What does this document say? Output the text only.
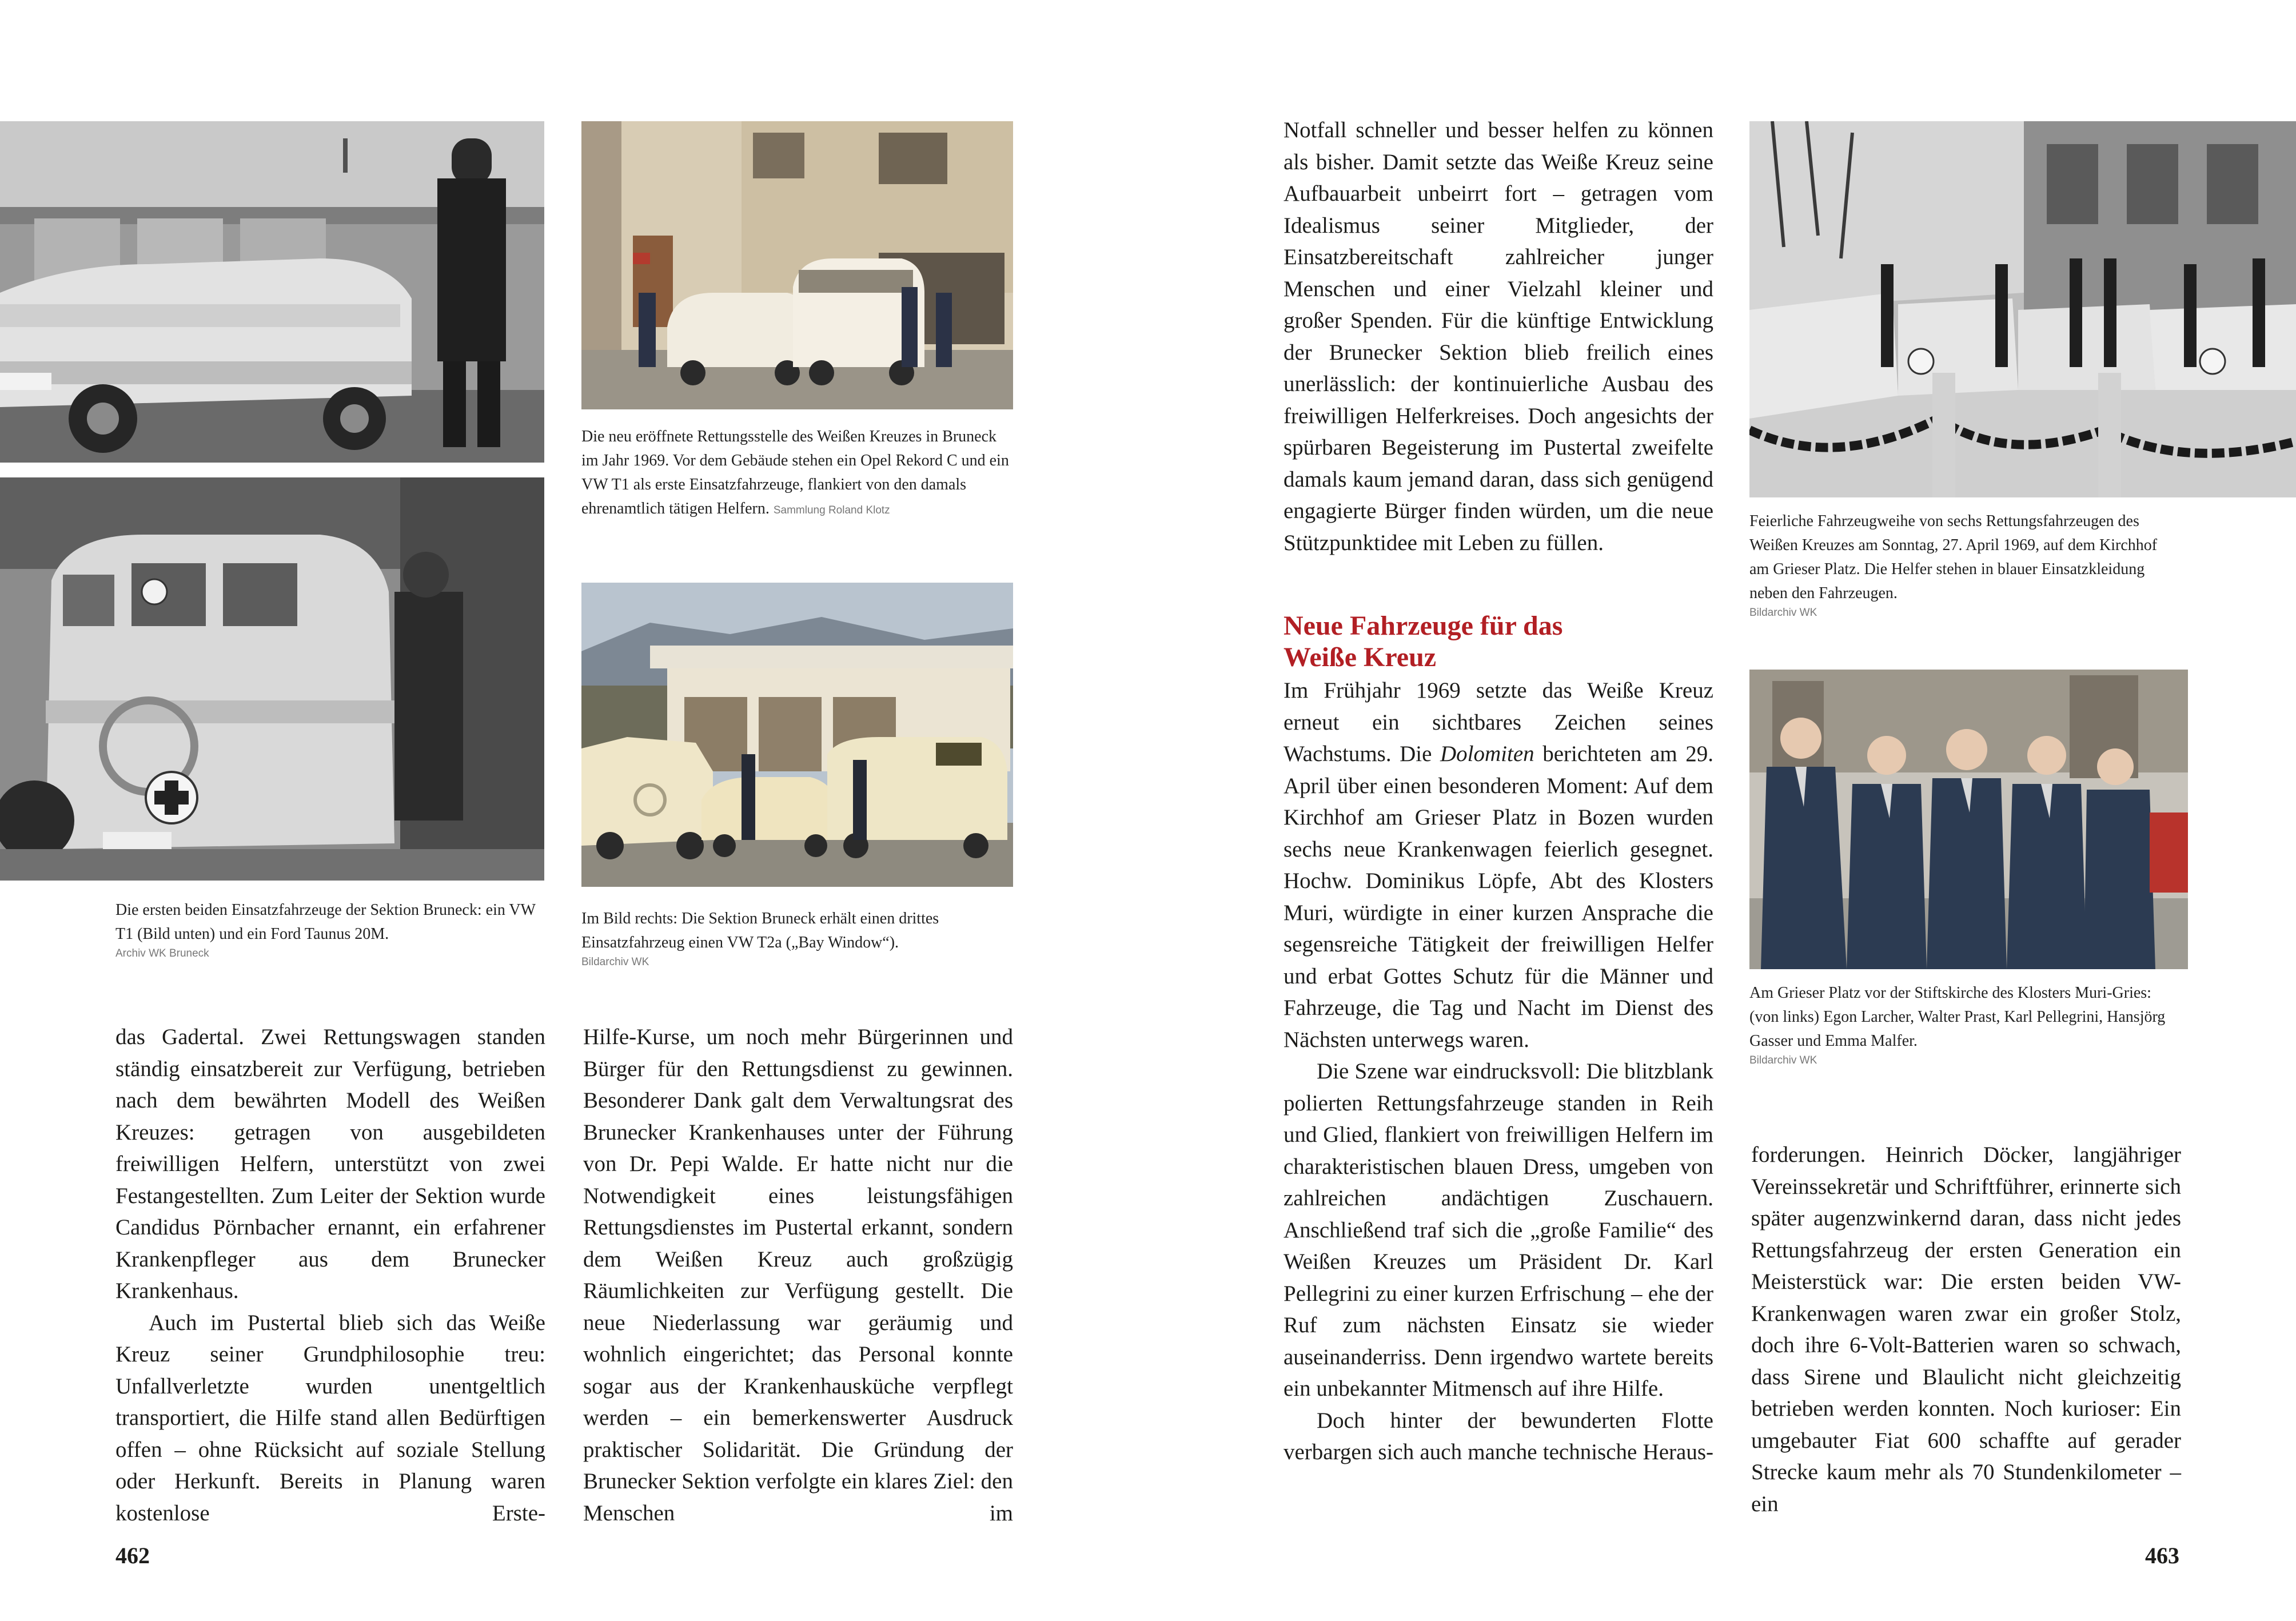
Die ersten beiden Einsatzfahrzeuge der Sektion Bruneck: ein VW T1 (Bild unten) und ein Ford Taunus 20M.

Archiv WK Bruneck
Die neu eröffnete Rettungsstelle des Weißen Kreuzes in Bruneck im Jahr 1969. Vor dem Gebäude stehen ein Opel Rekord C und ein VW T1 als erste Einsatzfahrzeuge, flankiert von den damals ehrenamtlich tätigen Helfern. Sammlung Roland Klotz

Im Bild rechts: Die Sektion Bruneck erhält einen drittes Einsatzfahrzeug einen VW T2a („Bay Window“).

Bildarchiv WK

das Gadertal. Zwei Rettungswagen standen ständig einsatzbereit zur Verfügung, betrieben nach dem bewährten Modell des Weißen Kreuzes: getragen von ausgebildeten freiwilligen Helfern, unterstützt von zwei Festangestellten. Zum Leiter der Sektion wurde Candidus Pörnbacher ernannt, ein erfahrener Krankenpfleger aus dem Brunecker Krankenhaus.

Auch im Pustertal blieb sich das Weiße Kreuz seiner Grundphilosophie treu: Unfallverletzte wurden unentgeltlich transportiert, die Hilfe stand allen Bedürftigen offen – ohne Rücksicht auf soziale Stellung oder Herkunft. Bereits in Planung waren kostenlose Erste-

Hilfe-Kurse, um noch mehr Bürgerinnen und Bürger für den Rettungsdienst zu gewinnen. Besonderer Dank galt dem Verwaltungsrat des Brunecker Krankenhauses unter der Führung von Dr. Pepi Walde. Er hatte nicht nur die Notwendigkeit eines leistungsfähigen Rettungsdienstes im Pustertal erkannt, sondern dem Weißen Kreuz auch großzügig Räumlichkeiten zur Verfügung gestellt. Die neue Niederlassung war geräumig und wohnlich eingerichtet; das Personal konnte sogar aus der Krankenhausküche verpflegt werden – ein bemerkenswerter Ausdruck praktischer Solidarität. Die Gründung der Brunecker Sektion verfolgte ein klares Ziel: den Menschen im

462

Notfall schneller und besser helfen zu können als bisher. Damit setzte das Weiße Kreuz seine Aufbauarbeit unbeirrt fort – getragen vom Idealismus seiner Mitglieder, der Einsatzbereitschaft zahlreicher junger Menschen und einer Vielzahl kleiner und großer Spenden. Für die künftige Entwicklung der Brunecker Sektion blieb freilich eines unerlässlich: der kontinuierliche Ausbau des freiwilligen Helferkreises. Doch angesichts der spürbaren Begeisterung im Pustertal zweifelte damals kaum jemand daran, dass sich genügend engagierte Bürger finden würden, um die neue Stützpunktidee mit Leben zu füllen.

Neue Fahrzeuge für das
Weiße Kreuz

Im Frühjahr 1969 setzte das Weiße Kreuz erneut ein sichtbares Zeichen seines Wachstums. Die Dolomiten berichteten am 29. April über einen besonderen Moment: Auf dem Kirchhof am Grieser Platz in Bozen wurden sechs neue Krankenwagen feierlich gesegnet. Hochw. Dominikus Löpfe, Abt des Klosters Muri, würdigte in einer kurzen Ansprache die segensreiche Tätigkeit der freiwilligen Helfer und erbat Gottes Schutz für die Männer und Fahrzeuge, die Tag und Nacht im Dienst des Nächsten unterwegs waren.

Die Szene war eindrucksvoll: Die blitzblank polierten Rettungsfahrzeuge standen in Reih und Glied, flankiert von freiwilligen Helfern im charakteristischen blauen Dress, umgeben von zahlreichen andächtigen Zuschauern. Anschließend traf sich die „große Familie“ des Weißen Kreuzes um Präsident Dr. Karl Pellegrini zu einer kurzen Erfrischung – ehe der Ruf zum nächsten Einsatz sie wieder auseinanderriss. Denn irgendwo wartete bereits ein unbekannter Mitmensch auf ihre Hilfe.

Doch hinter der bewunderten Flotte verbargen sich auch manche technische Heraus-

Feierliche Fahrzeugweihe von sechs Rettungsfahrzeugen des Weißen Kreuzes am Sonntag, 27. April 1969, auf dem Kirchhof am Grieser Platz. Die Helfer stehen in blauer Einsatzkleidung neben den Fahrzeugen.

Bildarchiv WK

Am Grieser Platz vor der Stiftskirche des Klosters Muri-Gries: (von links) Egon Larcher, Walter Prast, Karl Pellegrini, Hansjörg Gasser und Emma Malfer.

Bildarchiv WK

forderungen. Heinrich Döcker, langjähriger Vereinssekretär und Schriftführer, erinnerte sich später augenzwinkernd daran, dass nicht jedes Rettungsfahrzeug der ersten Generation ein Meisterstück war: Die ersten beiden VW-Krankenwagen waren zwar ein großer Stolz, doch ihre 6-Volt-Batterien waren so schwach, dass Sirene und Blaulicht nicht gleichzeitig betrieben werden konnten. Noch kurioser: Ein umgebauter Fiat 600 schaffte auf gerader Strecke kaum mehr als 70 Stundenkilometer – ein

463
